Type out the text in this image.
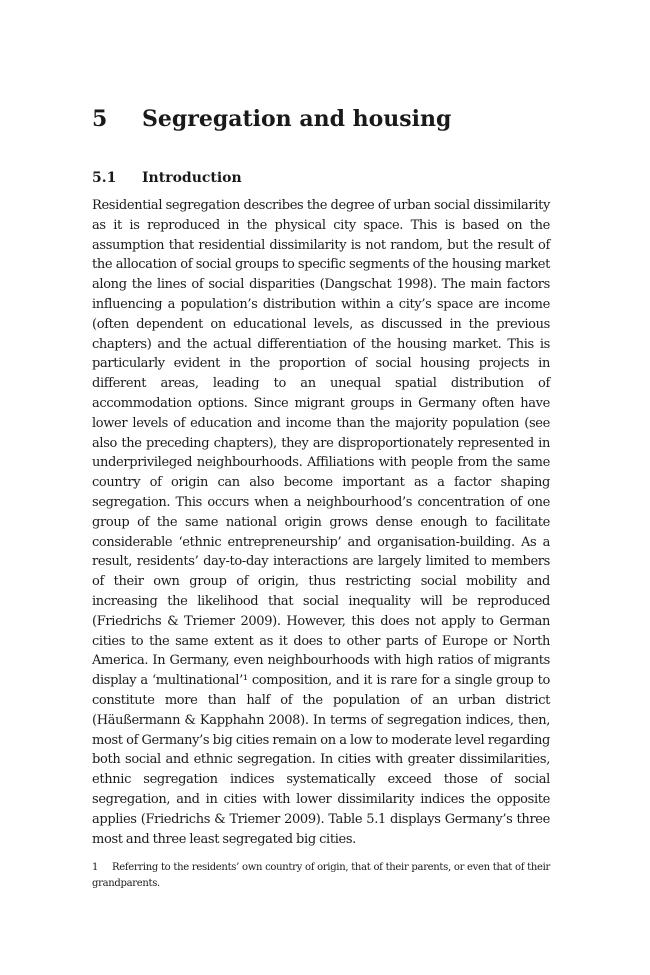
5 Segregation and housing
5.1 Introduction

Residential segregation describes the degree of urban social dissimilarity as it is reproduced in the physical city space. This is based on the assumption that residential dissimilarity is not random, but the result of the allocation of social groups to specific segments of the housing market along the lines of social disparities (Dangschat 1998). The main factors influencing a population’s distribution within a city’s space are income (often dependent on educational levels, as discussed in the previous chapters) and the actual differentiation of the housing market. This is particularly evident in the proportion of social housing projects in different areas, leading to an unequal spatial distribution of accommodation options. Since migrant groups in Germany often have lower levels of education and income than the majority population (see also the preceding chapters), they are disproportionately represented in underprivileged neighbourhoods. Affiliations with people from the same country of origin can also become important as a factor shaping segregation. This occurs when a neighbourhood’s concentration of one group of the same national origin grows dense enough to facilitate considerable ‘ethnic entrepreneurship’ and organisation-building. As a result, residents’ day-to-day interactions are largely limited to members of their own group of origin, thus restricting social mobility and increasing the likelihood that social inequality will be reproduced (Friedrichs & Triemer 2009). However, this does not apply to German cities to the same extent as it does to other parts of Europe or North America. In Germany, even neighbourhoods with high ratios of migrants display a ‘multinational’¹ composition, and it is rare for a single group to constitute more than half of the population of an urban district (Häußermann & Kapphahn 2008). In terms of segregation indices, then, most of Germany’s big cities remain on a low to moderate level regarding both social and ethnic segregation. In cities with greater dissimilarities, ethnic segregation indices systematically exceed those of social segregation, and in cities with lower dissimilarity indices the opposite applies (Friedrichs & Triemer 2009). Table 5.1 displays Germany’s three most and three least segregated big cities.

1 Referring to the residents’ own country of origin, that of their parents, or even that of their grandparents.
